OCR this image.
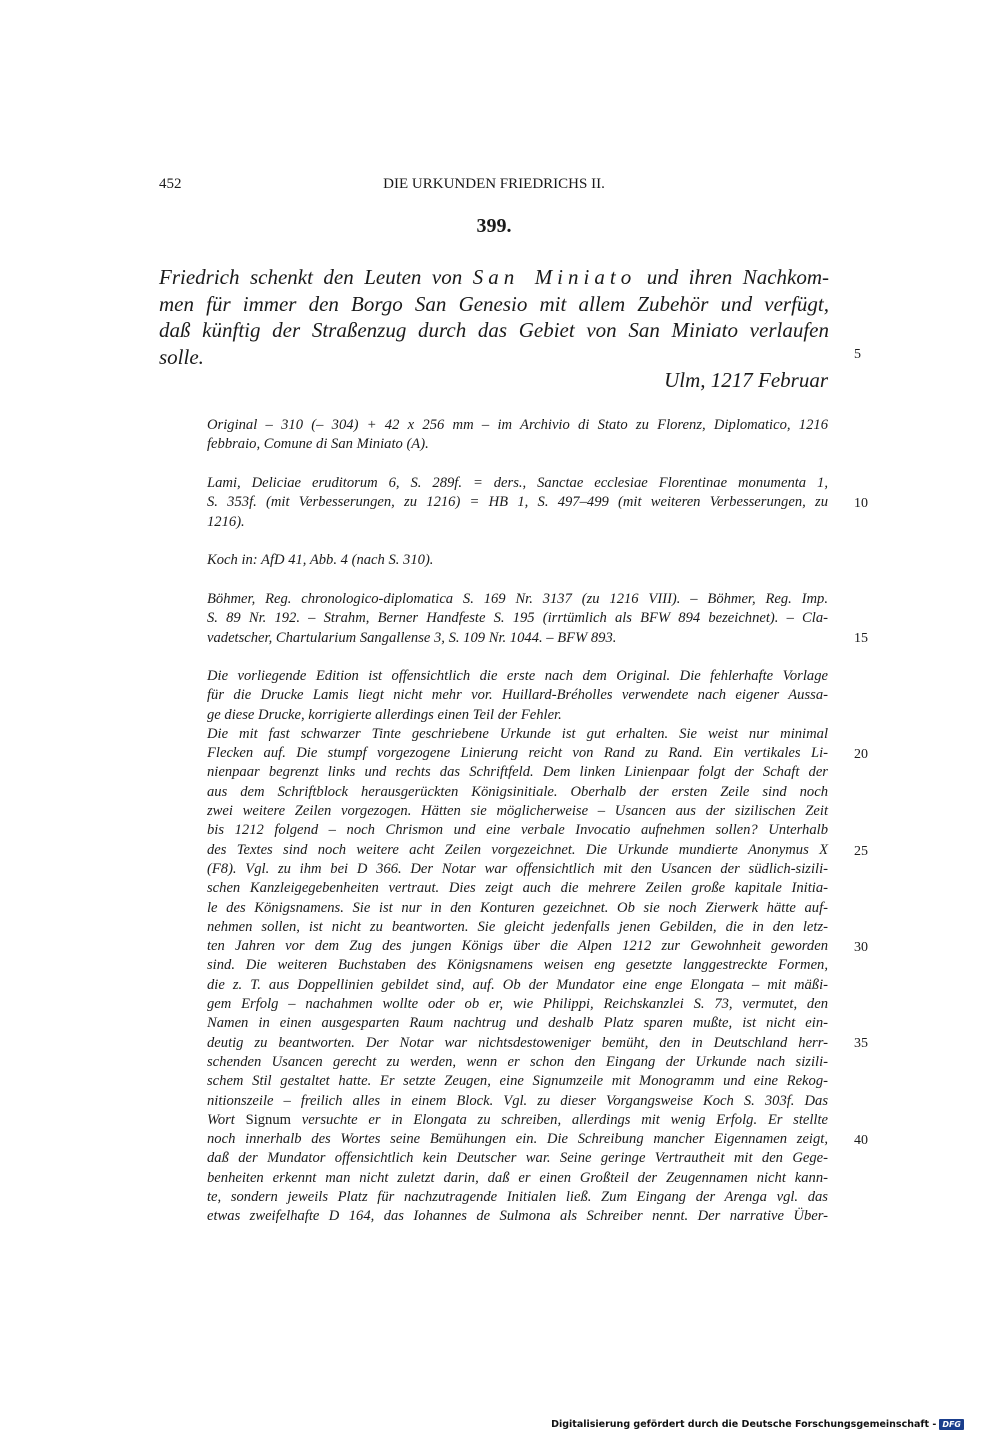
452	DIE URKUNDEN FRIEDRICHS II.
399.
Friedrich schenkt den Leuten von San Miniato und ihren Nachkom-
men für immer den Borgo San Genesio mit allem Zubehör und verfügt,
daß künftig der Straßenzug durch das Gebiet von San Miniato verlaufen
solle.
Ulm, 1217 Februar
Original – 310 (– 304) + 42 x 256 mm – im Archivio di Stato zu Florenz, Diplomatico, 1216
febbraio, Comune di San Miniato (A).
Lami, Deliciae eruditorum 6, S. 289f. = ders., Sanctae ecclesiae Florentinae monumenta 1,
S. 353f. (mit Verbesserungen, zu 1216) = HB 1, S. 497–499 (mit weiteren Verbesserungen, zu
1216).
Koch in: AfD 41, Abb. 4 (nach S. 310).
Böhmer, Reg. chronologico-diplomatica S. 169 Nr. 3137 (zu 1216 VIII). – Böhmer, Reg. Imp.
S. 89 Nr. 192. – Strahm, Berner Handfeste S. 195 (irrtümlich als BFW 894 bezeichnet). – Cla-
vadetscher, Chartularium Sangallense 3, S. 109 Nr. 1044. – BFW 893.
Die vorliegende Edition ist offensichtlich die erste nach dem Original. Die fehlerhafte Vorlage
für die Drucke Lamis liegt nicht mehr vor. Huillard-Bréholles verwendete nach eigener Aussa-
ge diese Drucke, korrigierte allerdings einen Teil der Fehler.
Die mit fast schwarzer Tinte geschriebene Urkunde ist gut erhalten. Sie weist nur minimal
Flecken auf. Die stumpf vorgezogene Linierung reicht von Rand zu Rand. Ein vertikales Li-
nienpaar begrenzt links und rechts das Schriftfeld. Dem linken Linienpaar folgt der Schaft der
aus dem Schriftblock herausgerückten Königsinitiale. Oberhalb der ersten Zeile sind noch
zwei weitere Zeilen vorgezogen. Hätten sie möglicherweise – Usancen aus der sizilischen Zeit
bis 1212 folgend – noch Chrismon und eine verbale Invocatio aufnehmen sollen? Unterhalb
des Textes sind noch weitere acht Zeilen vorgezeichnet. Die Urkunde mundierte Anonymus X
(F8). Vgl. zu ihm bei D 366. Der Notar war offensichtlich mit den Usancen der südlich-sizili-
schen Kanzleigegebenheiten vertraut. Dies zeigt auch die mehrere Zeilen große kapitale Initia-
le des Königsnamens. Sie ist nur in den Konturen gezeichnet. Ob sie noch Zierwerk hätte auf-
nehmen sollen, ist nicht zu beantworten. Sie gleicht jedenfalls jenen Gebilden, die in den letz-
ten Jahren vor dem Zug des jungen Königs über die Alpen 1212 zur Gewohnheit geworden
sind. Die weiteren Buchstaben des Königsnamens weisen eng gesetzte langgestreckte Formen,
die z. T. aus Doppellinien gebildet sind, auf. Ob der Mundator eine enge Elongata – mit mäßi-
gem Erfolg – nachahmen wollte oder ob er, wie Philippi, Reichskanzlei S. 73, vermutet, den
Namen in einen ausgesparten Raum nachtrug und deshalb Platz sparen mußte, ist nicht ein-
deutig zu beantworten. Der Notar war nichtsdestoweniger bemüht, den in Deutschland herr-
schenden Usancen gerecht zu werden, wenn er schon den Eingang der Urkunde nach sizili-
schem Stil gestaltet hatte. Er setzte Zeugen, eine Signumzeile mit Monogramm und eine Rekog-
nitionszeile – freilich alles in einem Block. Vgl. zu dieser Vorgangsweise Koch S. 303f. Das
Wort Signum versuchte er in Elongata zu schreiben, allerdings mit wenig Erfolg. Er stellte
noch innerhalb des Wortes seine Bemühungen ein. Die Schreibung mancher Eigennamen zeigt,
daß der Mundator offensichtlich kein Deutscher war. Seine geringe Vertrautheit mit den Gege-
benheiten erkennt man nicht zuletzt darin, daß er einen Großteil der Zeugennamen nicht kann-
te, sondern jeweils Platz für nachzutragende Initialen ließ. Zum Eingang der Arenga vgl. das
etwas zweifelhafte D 164, das Iohannes de Sulmona als Schreiber nennt. Der narrative Über-
5
10
15
20
25
30
35
40
Digitalisierung gefördert durch die Deutsche Forschungsgemeinschaft - DFG
